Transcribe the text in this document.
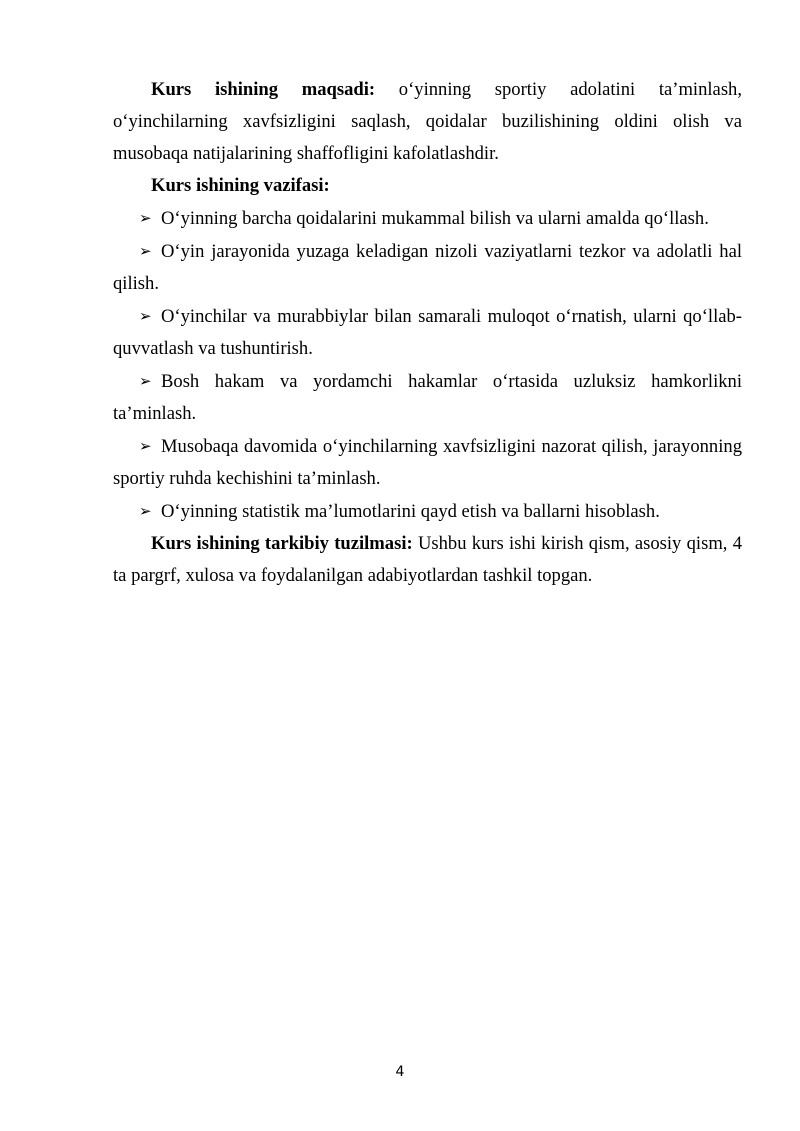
Kurs ishining maqsadi: o‘yinning sportiy adolatini ta’minlash, o‘yinchilarning xavfsizligini saqlash, qoidalar buzilishining oldini olish va musobaqa natijalarining shaffofligini kafolatlashdir.

Kurs ishining vazifasi:

➢ O‘yinning barcha qoidalarini mukammal bilish va ularni amalda qo‘llash.
➢ O‘yin jarayonida yuzaga keladigan nizoli vaziyatlarni tezkor va adolatli hal qilish.
➢ O‘yinchilar va murabbiylar bilan samarali muloqot o‘rnatish, ularni qo‘llab-quvvatlash va tushuntirish.
➢ Bosh hakam va yordamchi hakamlar o‘rtasida uzluksiz hamkorlikni ta’minlash.
➢ Musobaqa davomida o‘yinchilarning xavfsizligini nazorat qilish, jarayonning sportiy ruhda kechishini ta’minlash.
➢ O‘yinning statistik ma’lumotlarini qayd etish va ballarni hisoblash.

Kurs ishining tarkibiy tuzilmasi: Ushbu kurs ishi kirish qism, asosiy qism, 4 ta pargrf, xulosa va foydalanilgan adabiyotlardan tashkil topgan.

4
